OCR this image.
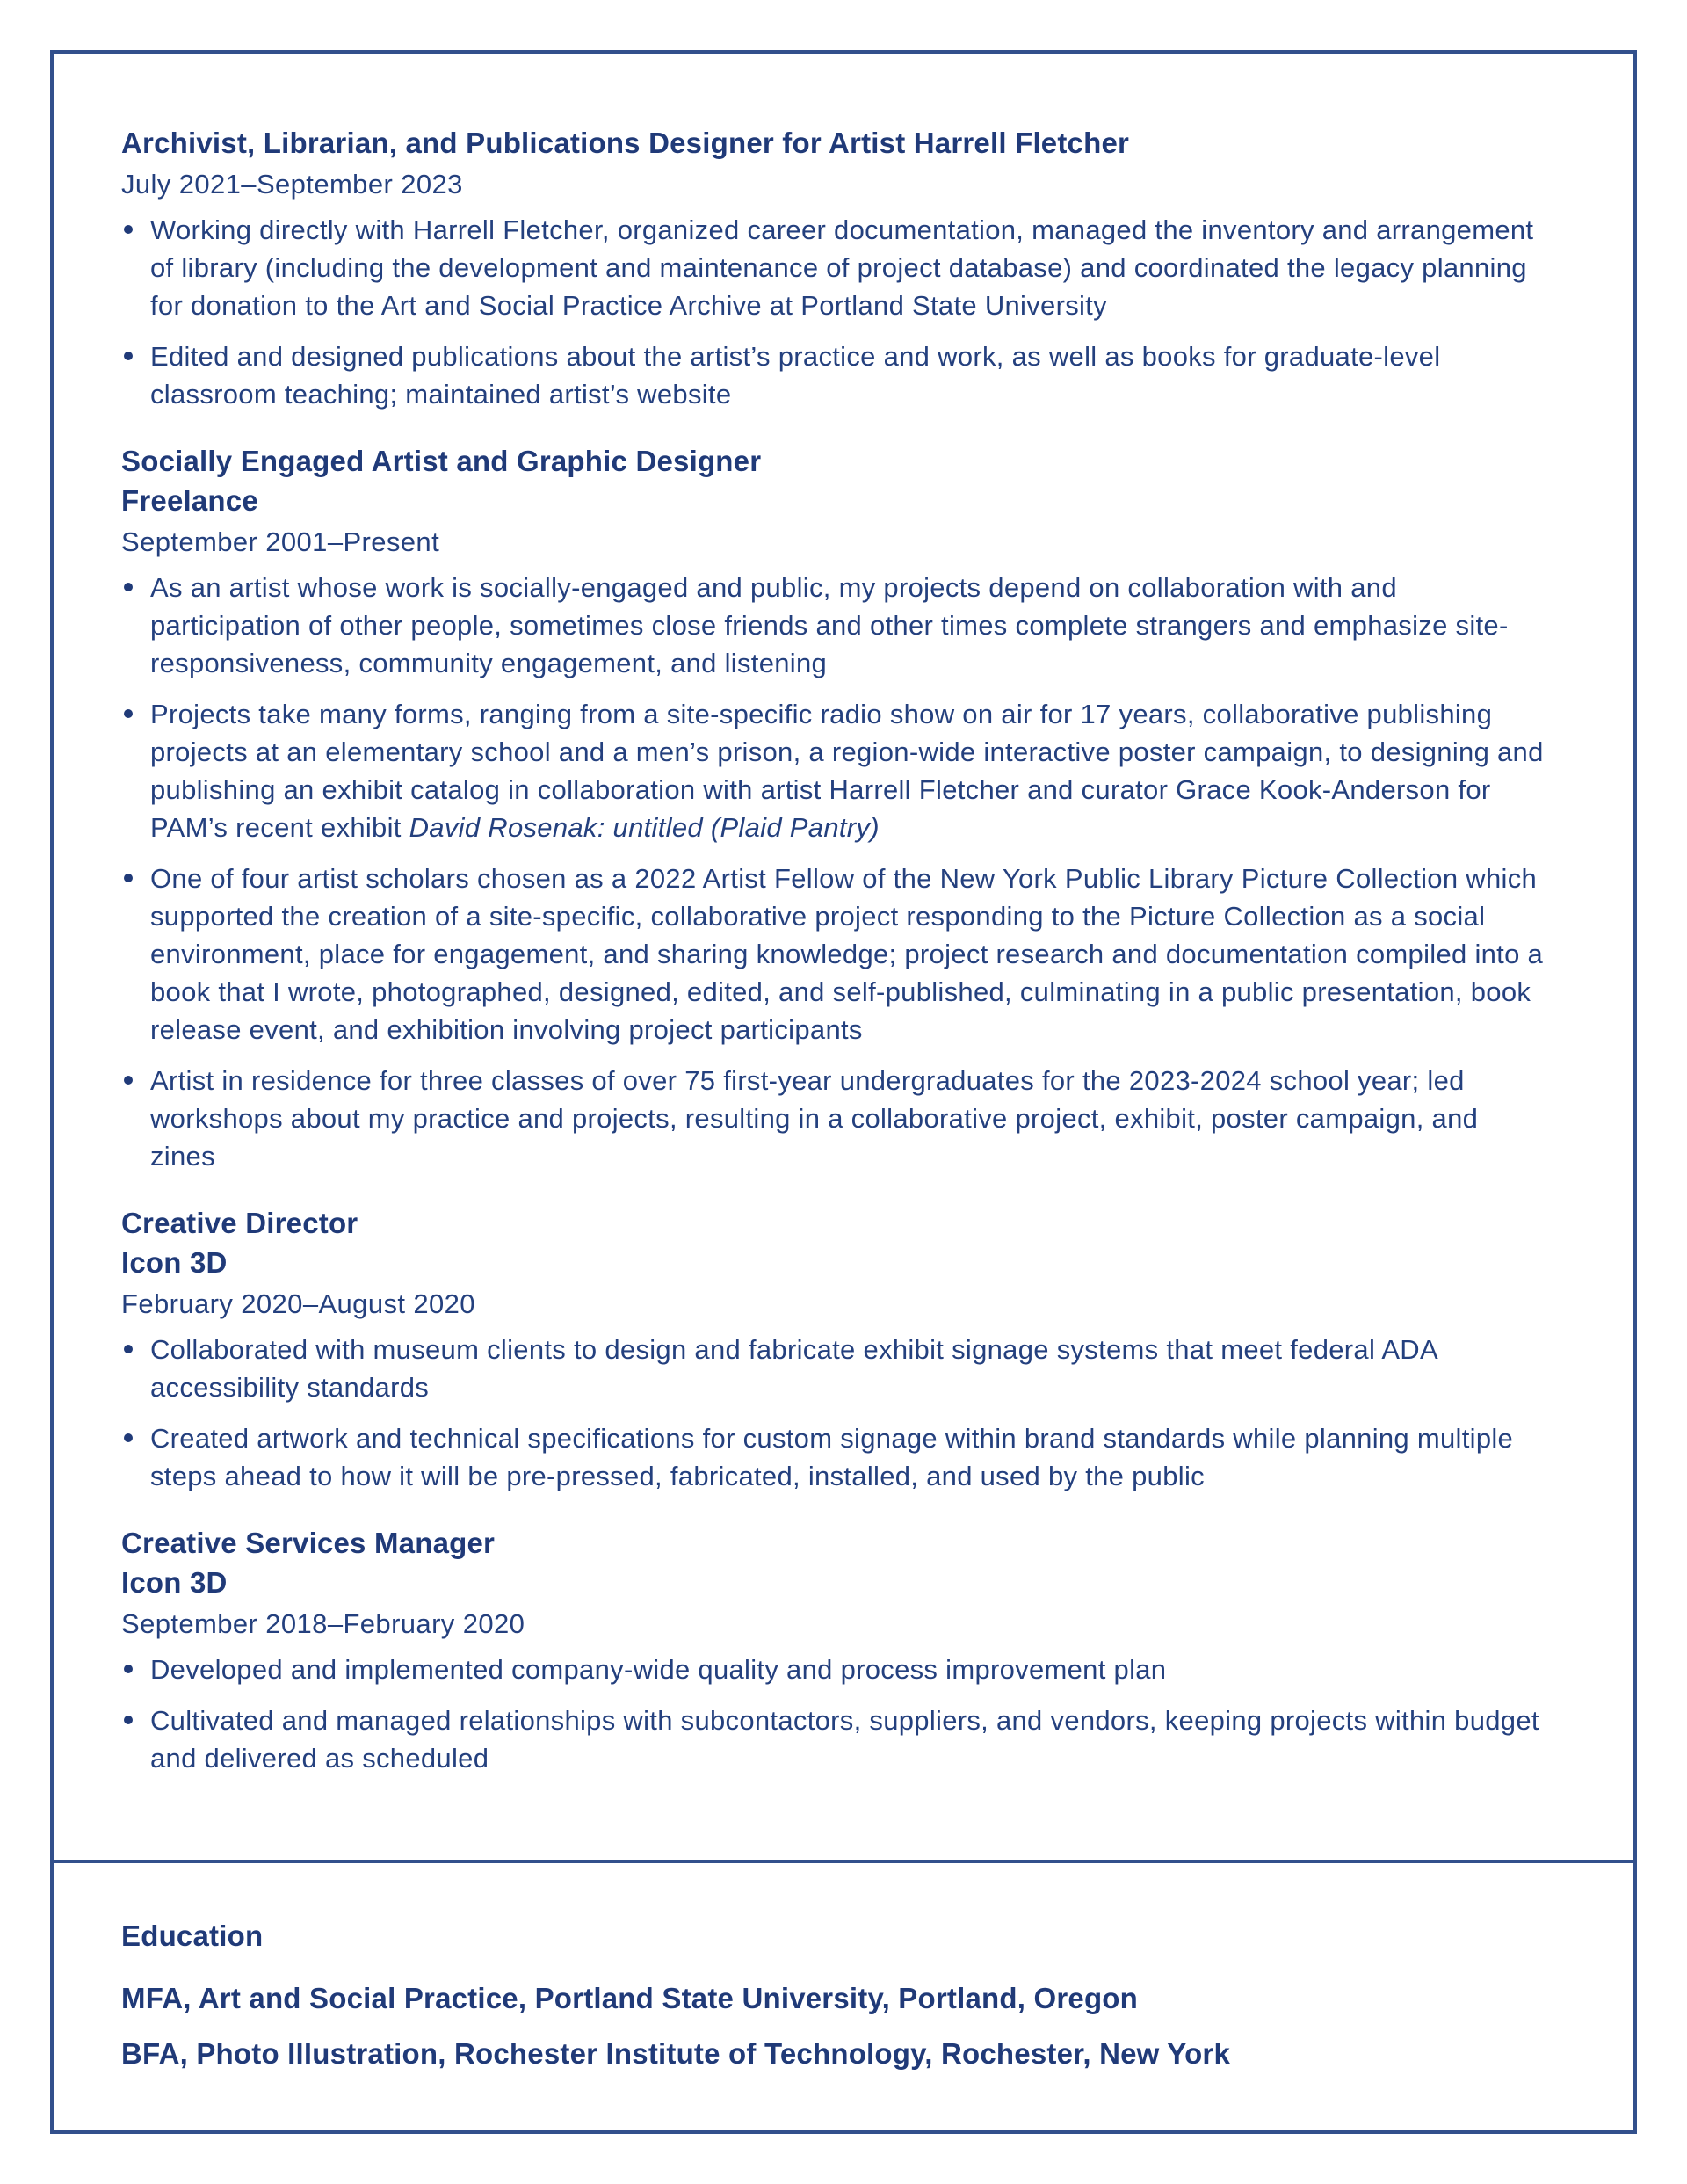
Archivist, Librarian, and Publications Designer for Artist Harrell Fletcher
July 2021–September 2023
Working directly with Harrell Fletcher, organized career documentation, managed the inventory and arrangement of library (including the development and maintenance of project database) and coordinated the legacy planning for donation to the Art and Social Practice Archive at Portland State University
Edited and designed publications about the artist’s practice and work, as well as books for graduate-level classroom teaching; maintained artist’s website
Socially Engaged Artist and Graphic Designer
Freelance
September 2001–Present
As an artist whose work is socially-engaged and public, my projects depend on collaboration with and participation of other people, sometimes close friends and other times complete strangers and emphasize site-responsiveness, community engagement, and listening
Projects take many forms, ranging from a site-specific radio show on air for 17 years, collaborative publishing projects at an elementary school and a men’s prison, a region-wide interactive poster campaign, to designing and publishing an exhibit catalog in collaboration with artist Harrell Fletcher and curator Grace Kook-Anderson for PAM’s recent exhibit David Rosenak: untitled (Plaid Pantry)
One of four artist scholars chosen as a 2022 Artist Fellow of the New York Public Library Picture Collection which supported the creation of a site-specific, collaborative project responding to the Picture Collection as a social environment, place for engagement, and sharing knowledge; project research and documentation compiled into a book that I wrote, photographed, designed, edited, and self-published, culminating in a public presentation, book release event, and exhibition involving project participants
Artist in residence for three classes of over 75 first-year undergraduates for the 2023-2024 school year; led workshops about my practice and projects, resulting in a collaborative project, exhibit, poster campaign, and zines
Creative Director
Icon 3D
February 2020–August 2020
Collaborated with museum clients to design and fabricate exhibit signage systems that meet federal ADA accessibility standards
Created artwork and technical specifications for custom signage within brand standards while planning multiple steps ahead to how it will be pre-pressed, fabricated, installed, and used by the public
Creative Services Manager
Icon 3D
September 2018–February 2020
Developed and implemented company-wide quality and process improvement plan
Cultivated and managed relationships with subcontactors, suppliers, and vendors, keeping projects within budget and delivered as scheduled
Education

MFA, Art and Social Practice, Portland State University, Portland, Oregon

BFA, Photo Illustration, Rochester Institute of Technology, Rochester, New York
